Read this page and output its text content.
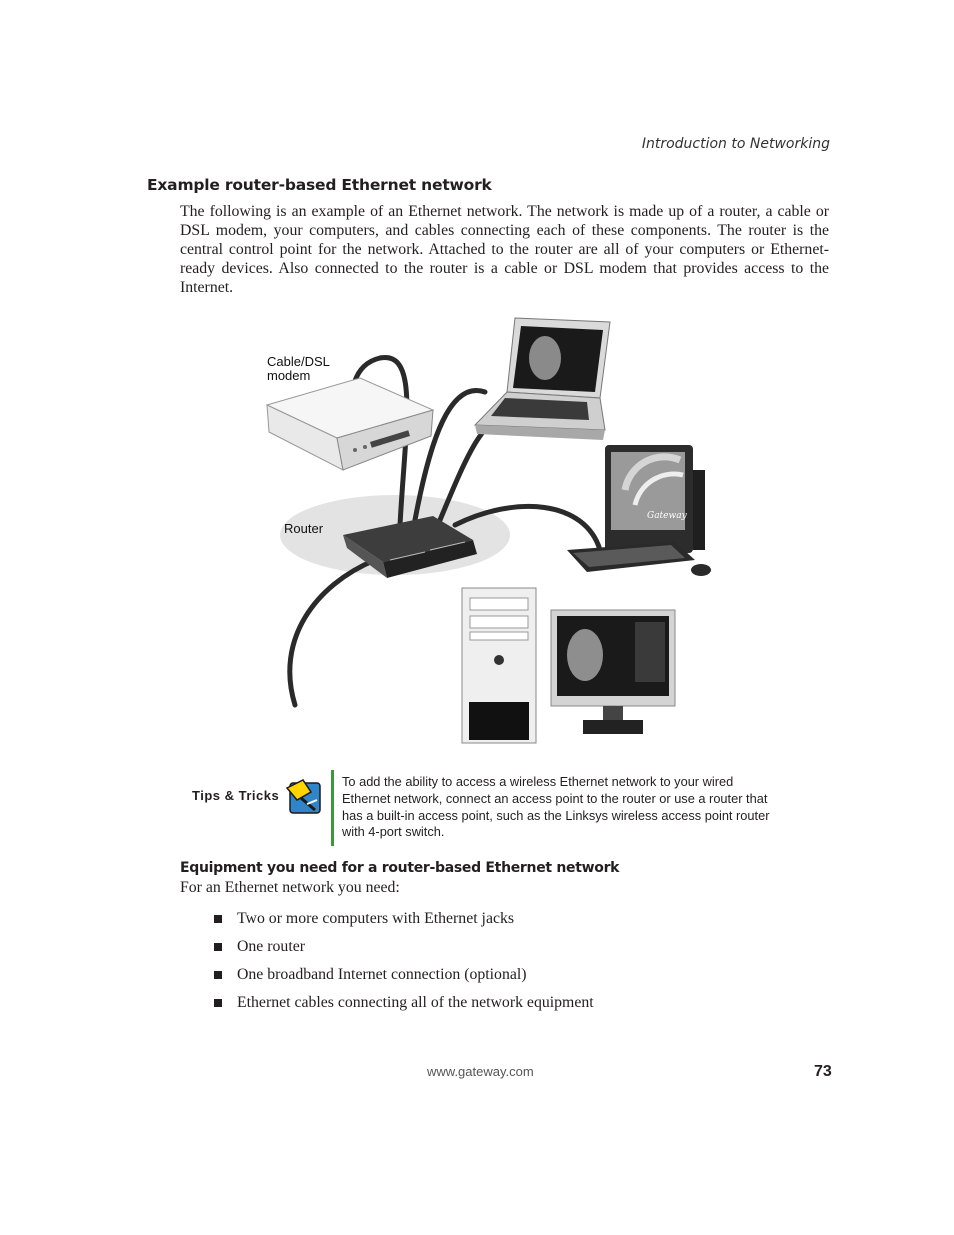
Introduction to Networking
Example router-based Ethernet network

The following is an example of an Ethernet network. The network is made up of a router, a cable or DSL modem, your computers, and cables connecting each of these components. The router is the central control point for the network. Attached to the router are all of your computers or Ethernet-ready devices. Also connected to the router is a cable or DSL modem that provides access to the Internet.

Gateway
Cable/DSL
modem
Router
Tips & Tricks

To add the ability to access a wireless Ethernet network to your wired Ethernet network, connect an access point to the router or use a router that has a built-in access point, such as the Linksys wireless access point router with 4-port switch.

Equipment you need for a router-based Ethernet network

For an Ethernet network you need:

Two or more computers with Ethernet jacks
One router
One broadband Internet connection (optional)
Ethernet cables connecting all of the network equipment
www.gateway.com	73
